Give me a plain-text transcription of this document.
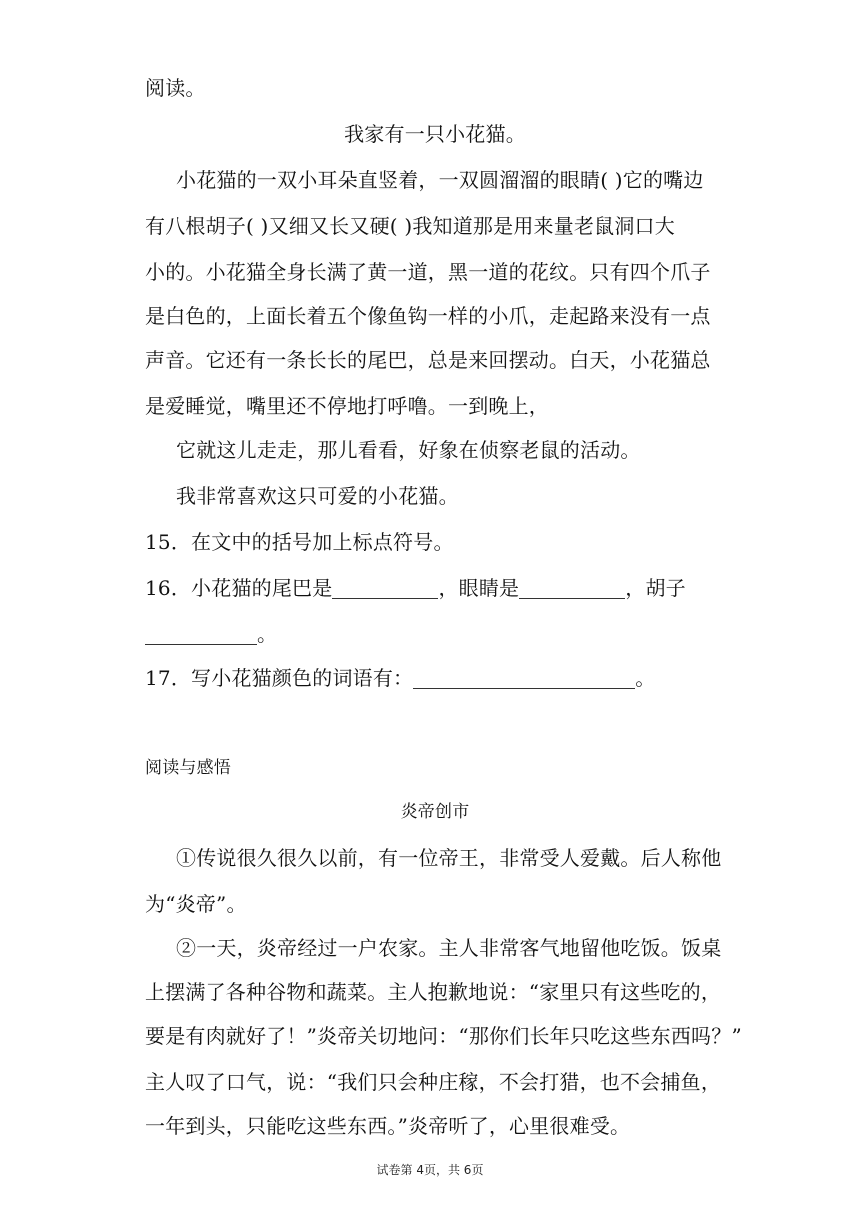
阅读。
我家有一只小花猫。
小花猫的一双小耳朵直竖着，一双圆溜溜的眼睛( )它的嘴边
有八根胡子( )又细又长又硬( )我知道那是用来量老鼠洞口大
小的。小花猫全身长满了黄一道，黑一道的花纹。只有四个爪子
是白色的，上面长着五个像鱼钩一样的小爪，走起路来没有一点
声音。它还有一条长长的尾巴，总是来回摆动。白天，小花猫总
是爱睡觉，嘴里还不停地打呼噜。一到晚上，
它就这儿走走，那儿看看，好象在侦察老鼠的活动。
我非常喜欢这只可爱的小花猫。
15．在文中的括号加上标点符号。
16．小花猫的尾巴是	，眼睛是	，胡子
。
17．写小花猫颜色的词语有：	。
阅读与感悟
炎帝创市
①传说很久很久以前，有一位帝王，非常受人爱戴。后人称他
为“炎帝”。
②一天，炎帝经过一户农家。主人非常客气地留他吃饭。饭桌
上摆满了各种谷物和蔬菜。主人抱歉地说：“家里只有这些吃的，
要是有肉就好了！”炎帝关切地问：“那你们长年只吃这些东西吗？”
主人叹了口气，说：“我们只会种庄稼，不会打猎，也不会捕鱼，
一年到头，只能吃这些东西。”炎帝听了，心里很难受。
试卷第 4页，共 6页
